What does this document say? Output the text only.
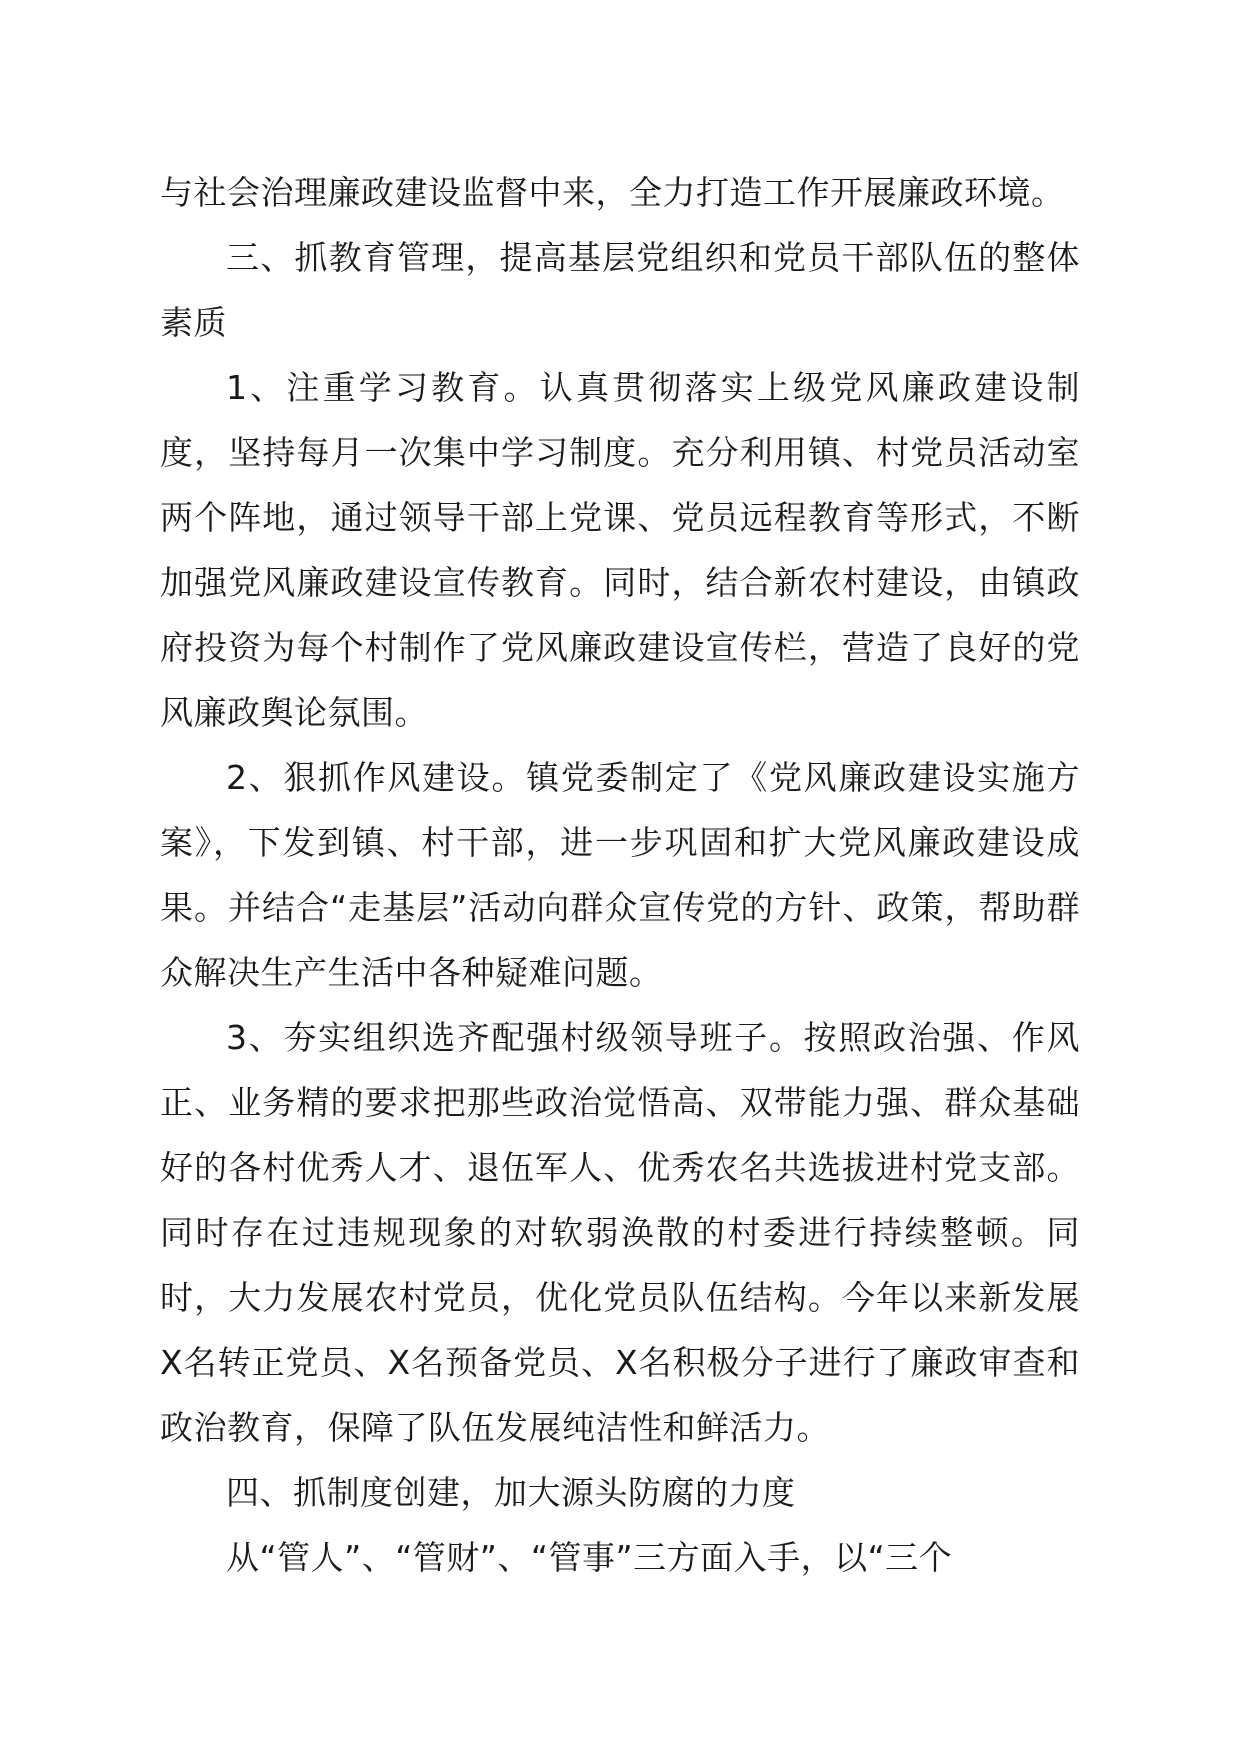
与社会治理廉政建设监督中来，全力打造工作开展廉政环境。

三、抓教育管理，提高基层党组织和党员干部队伍的整体素质

1、注重学习教育。认真贯彻落实上级党风廉政建设制度，坚持每月一次集中学习制度。充分利用镇、村党员活动室两个阵地，通过领导干部上党课、党员远程教育等形式，不断加强党风廉政建设宣传教育。同时，结合新农村建设，由镇政府投资为每个村制作了党风廉政建设宣传栏，营造了良好的党风廉政舆论氛围。

2、狠抓作风建设。镇党委制定了《党风廉政建设实施方案》，下发到镇、村干部，进一步巩固和扩大党风廉政建设成果。并结合“走基层”活动向群众宣传党的方针、政策，帮助群众解决生产生活中各种疑难问题。

3、夯实组织选齐配强村级领导班子。按照政治强、作风正、业务精的要求把那些政治觉悟高、双带能力强、群众基础好的各村优秀人才、退伍军人、优秀农名共选拔进村党支部。同时存在过违规现象的对软弱涣散的村委进行持续整顿。同时，大力发展农村党员，优化党员队伍结构。今年以来新发展X名转正党员、X名预备党员、X名积极分子进行了廉政审查和政治教育，保障了队伍发展纯洁性和鲜活力。

四、抓制度创建，加大源头防腐的力度

从“管人”、“管财”、“管事”三方面入手，以“三个
